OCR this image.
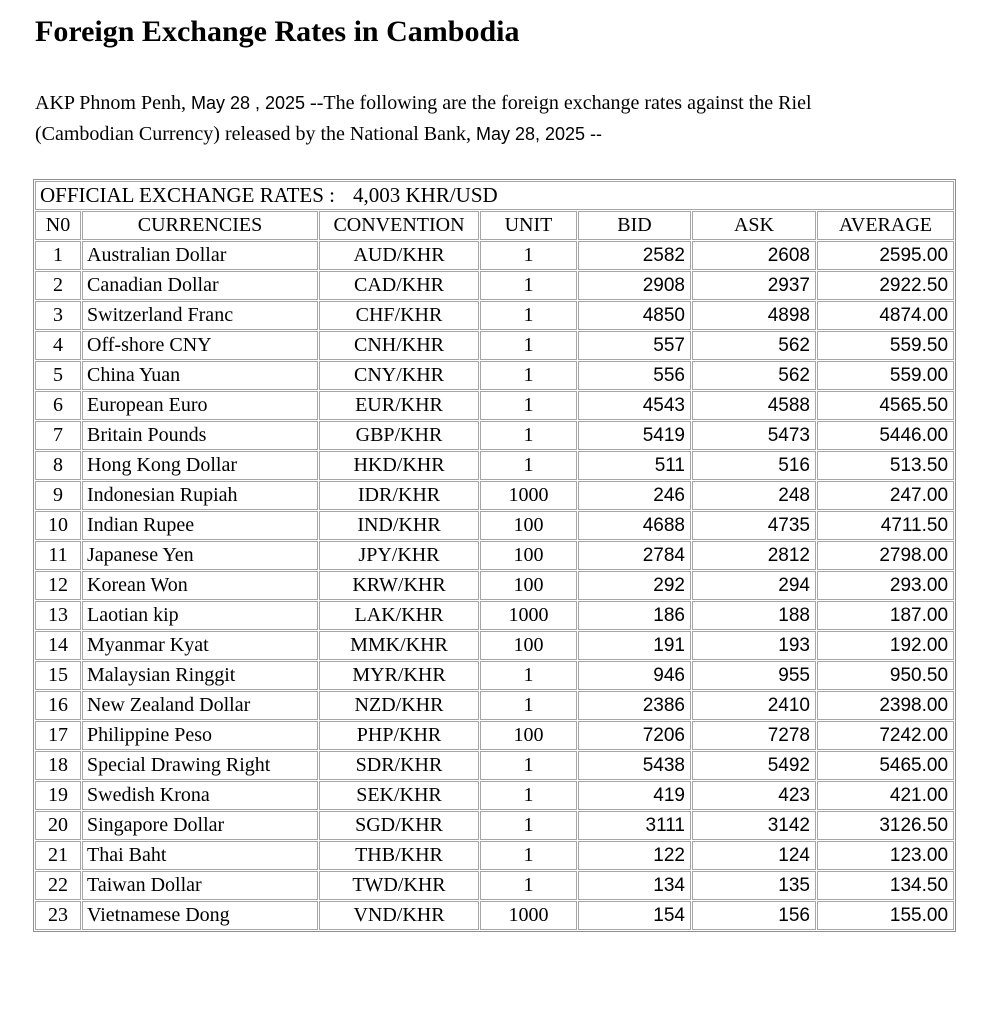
Foreign Exchange Rates in Cambodia

AKP Phnom Penh, May 28 , 2025 --The following are the foreign exchange rates against the Riel
(Cambodian Currency) released by the National Bank, May 28, 2025 --

OFFICIAL EXCHANGE RATES : 4,003 KHR/USD						
N0	CURRENCIES	CONVENTION	UNIT	BID	ASK	AVERAGE
1	Australian Dollar	AUD/KHR	1	2582	2608	2595.00
2	Canadian Dollar	CAD/KHR	1	2908	2937	2922.50
3	Switzerland Franc	CHF/KHR	1	4850	4898	4874.00
4	Off-shore CNY	CNH/KHR	1	557	562	559.50
5	China Yuan	CNY/KHR	1	556	562	559.00
6	European Euro	EUR/KHR	1	4543	4588	4565.50
7	Britain Pounds	GBP/KHR	1	5419	5473	5446.00
8	Hong Kong Dollar	HKD/KHR	1	511	516	513.50
9	Indonesian Rupiah	IDR/KHR	1000	246	248	247.00
10	Indian Rupee	IND/KHR	100	4688	4735	4711.50
11	Japanese Yen	JPY/KHR	100	2784	2812	2798.00
12	Korean Won	KRW/KHR	100	292	294	293.00
13	Laotian kip	LAK/KHR	1000	186	188	187.00
14	Myanmar Kyat	MMK/KHR	100	191	193	192.00
15	Malaysian Ringgit	MYR/KHR	1	946	955	950.50
16	New Zealand Dollar	NZD/KHR	1	2386	2410	2398.00
17	Philippine Peso	PHP/KHR	100	7206	7278	7242.00
18	Special Drawing Right	SDR/KHR	1	5438	5492	5465.00
19	Swedish Krona	SEK/KHR	1	419	423	421.00
20	Singapore Dollar	SGD/KHR	1	3111	3142	3126.50
21	Thai Baht	THB/KHR	1	122	124	123.00
22	Taiwan Dollar	TWD/KHR	1	134	135	134.50
23	Vietnamese Dong	VND/KHR	1000	154	156	155.00
